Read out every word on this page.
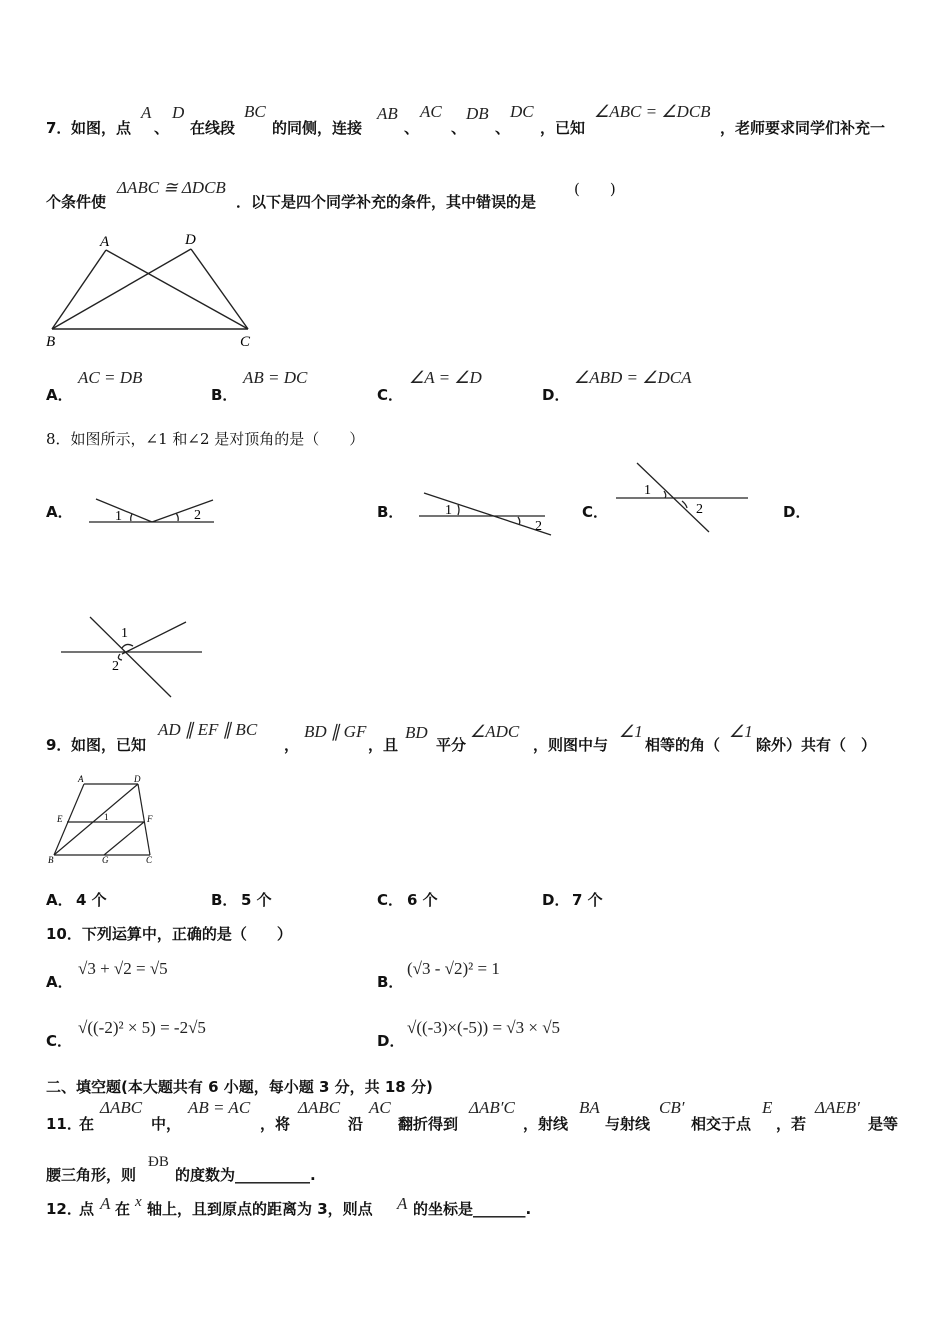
7． 如图，点
A
、
D
在线段
BC
的同侧，连接
AB
、
AC
、
DB
、
DC
，已知
∠ABC = ∠DCB
，老师要求同学们补充一
个条件使
ΔABC ≅ ΔDCB
．以下是四个同学补充的条件，其中错误的是
(　　)
A	D
B	C
A．
AC = DB
B．
AB = DC
C．
∠A = ∠D
D．
∠ABD = ∠DCA
8．如图所示，∠1 和∠2 是对顶角的是（　　）
A．	1	2	B．	1
2
C．
1
2	D．
1
2
9． 如图，已知
AD ∥ EF ∥ BC
，
BD ∥ GF
，且
BD
平分
∠ADC
，则图中与
∠1
相等的角（
∠1
除外）共有（　）
A	D
E	F
B	G	C
1
A． 4 个	B． 5 个	C． 6 个	D． 7 个
10．下列运算中，正确的是（　　）
A．
√3 + √2 = √5
B．
(√3 - √2)² = 1
C．
√((-2)² × 5) = -2√5
D．
√((-3)×(-5)) = √3 × √5
二、填空题(本大题共有 6 小题，每小题 3 分，共 18 分)
11．
在
ΔABC
中，
AB = AC
，将
ΔABC
沿
AC
翻折得到
ΔAB′C
，射线
BA
与射线
CB′
相交于点
E
，若
ΔAEB′
是等
腰三角形，则
ÐB
的度数为__________.
12．
点 A 在 x 轴上，且到原点的距离为 3，则点 A 的坐标是_______.
